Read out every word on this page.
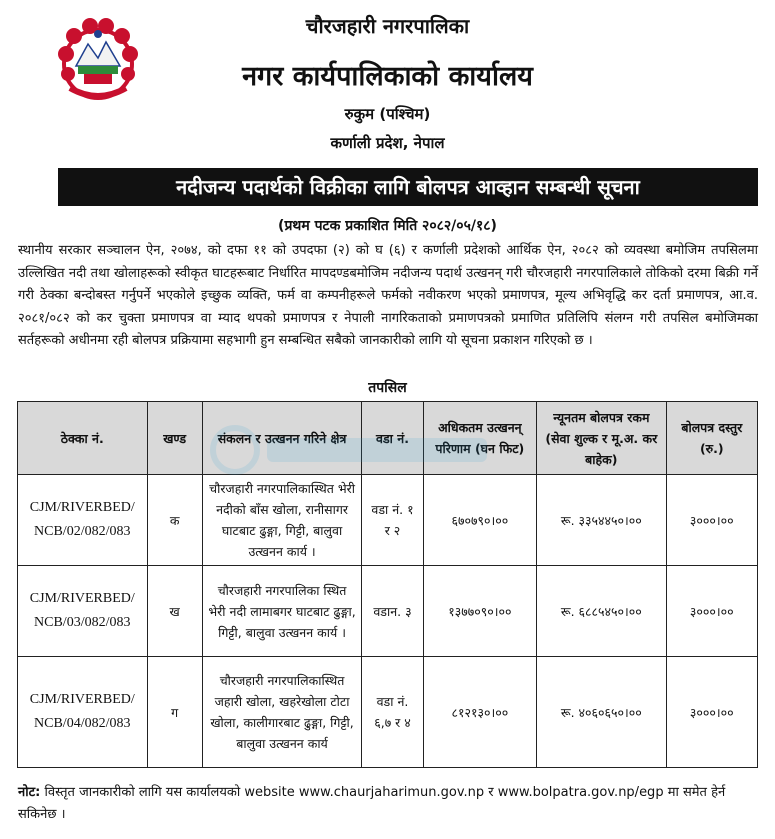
चौरजहारी नगरपालिका
नगर कार्यपालिकाको कार्यालय
रुकुम (पश्चिम)
कर्णाली प्रदेश, नेपाल
नदीजन्य पदार्थको विक्रीका लागि बोलपत्र आव्हान सम्बन्धी सूचना
(प्रथम पटक प्रकाशित मिति २०८२/०५/१८)
स्थानीय सरकार सञ्चालन ऐन, २०७४, को दफा ११ को उपदफा (२) को घ (६) र कर्णाली प्रदेशको आर्थिक ऐन, २०८२ को व्यवस्था बमोजिम तपसिलमा उल्लिखित नदी तथा खोलाहरूको स्वीकृत घाटहरूबाट निर्धारित मापदण्डबमोजिम नदीजन्य पदार्थ उत्खनन् गरी चौरजहारी नगरपालिकाले तोकिको दरमा बिक्री गर्ने गरी ठेक्का बन्दोबस्त गर्नुपर्ने भएकोले इच्छुक व्यक्ति, फर्म वा कम्पनीहरूले फर्मको नवीकरण भएको प्रमाणपत्र, मूल्य अभिवृद्धि कर दर्ता प्रमाणपत्र, आ.व. २०८१/०८२ को कर चुक्ता प्रमाणपत्र वा म्याद थपको प्रमाणपत्र र नेपाली नागरिकताको प्रमाणपत्रको प्रमाणित प्रतिलिपि संलग्न गरी तपसिल बमोजिमका सर्तहरूको अधीनमा रही बोलपत्र प्रक्रियामा सहभागी हुन सम्बन्धित सबैको जानकारीको लागि यो सूचना प्रकाशन गरिएको छ ।
तपसिल
ठेक्का नं.	खण्ड	संकलन र उत्खनन गरिने क्षेत्र	वडा नं.	अधिकतम उत्खनन् परिणाम (घन फिट)	न्यूनतम बोलपत्र रकम (सेवा शुल्क र मू.अ. कर बाहेक)	बोलपत्र दस्तुर (रु.)
CJM/RIVERBED/ NCB/02/082/083	क	चौरजहारी नगरपालिकास्थित भेरी नदीको बाँस खोला, रानीसागर घाटबाट ढुङ्गा, गिट्टी, बालुवा उत्खनन कार्य ।	वडा नं. १ र २	६७०७९०।००	रू. ३३५४४५०।००	३०००।००
CJM/RIVERBED/ NCB/03/082/083	ख	चौरजहारी नगरपालिका स्थित भेरी नदी लामाबगर घाटबाट ढुङ्गा, गिट्टी, बालुवा उत्खनन कार्य ।	वडान. ३	१३७७०९०।००	रू. ६८८५४५०।००	३०००।००
CJM/RIVERBED/ NCB/04/082/083	ग	चौरजहारी नगरपालिकास्थित जहारी खोला, खहरेखोला टोटा खोला, कालीगारबाट ढुङ्गा, गिट्टी, बालुवा उत्खनन कार्य	वडा नं. ६,७ र ४	८१२१३०।००	रू. ४०६०६५०।००	३०००।००
नोट: विस्तृत जानकारीको लागि यस कार्यालयको website www.chaurjaharimun.gov.np र www.bolpatra.gov.np/egp मा समेत हेर्न सकिनेछ ।
